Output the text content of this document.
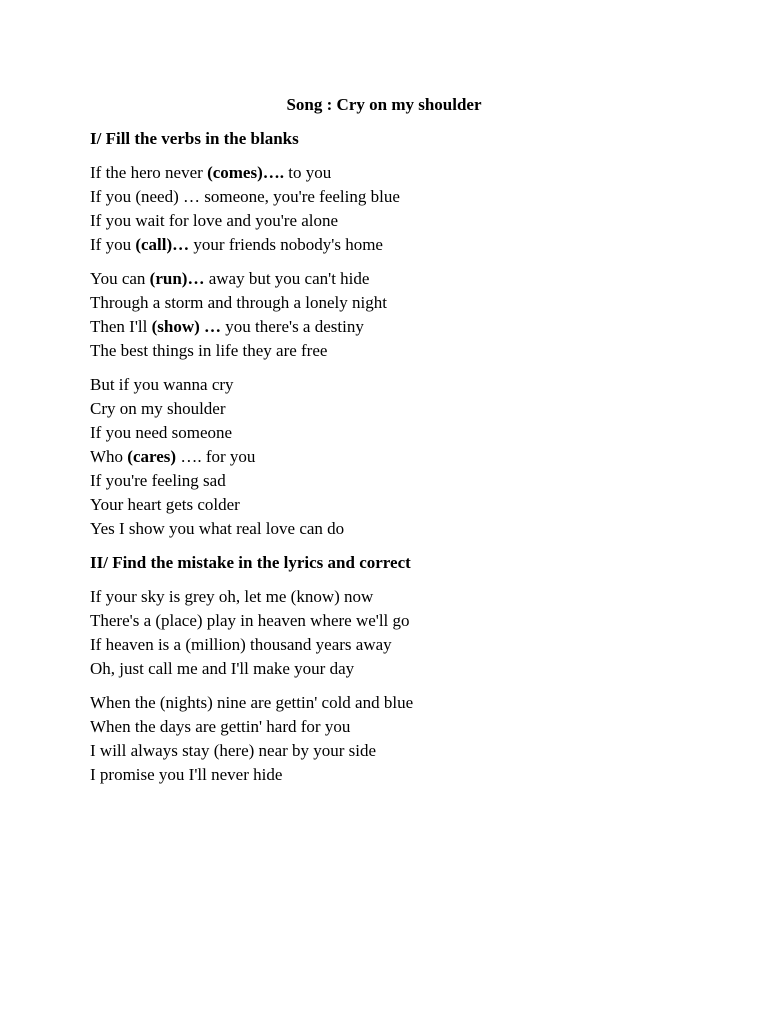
Song : Cry on my shoulder
I/ Fill the verbs in the blanks
If the hero never (comes)…. to you
If you (need) … someone, you're feeling blue
If you wait for love and you're alone
If you (call)… your friends nobody's home
You can (run)… away but you can't hide
Through a storm and through a lonely night
Then I'll (show) … you there's a destiny
The best things in life they are free
But if you wanna cry
Cry on my shoulder
If you need someone
Who (cares) …. for you
If you're feeling sad
Your heart gets colder
Yes I show you what real love can do
II/ Find the mistake in the lyrics and correct
If your sky is grey oh, let me (know) now
There's a (place) play in heaven where we'll go
If heaven is a (million) thousand years away
Oh, just call me and I'll make your day
When the (nights) nine are gettin' cold and blue
When the days are gettin' hard for you
I will always stay (here) near by your side
I promise you I'll never hide
